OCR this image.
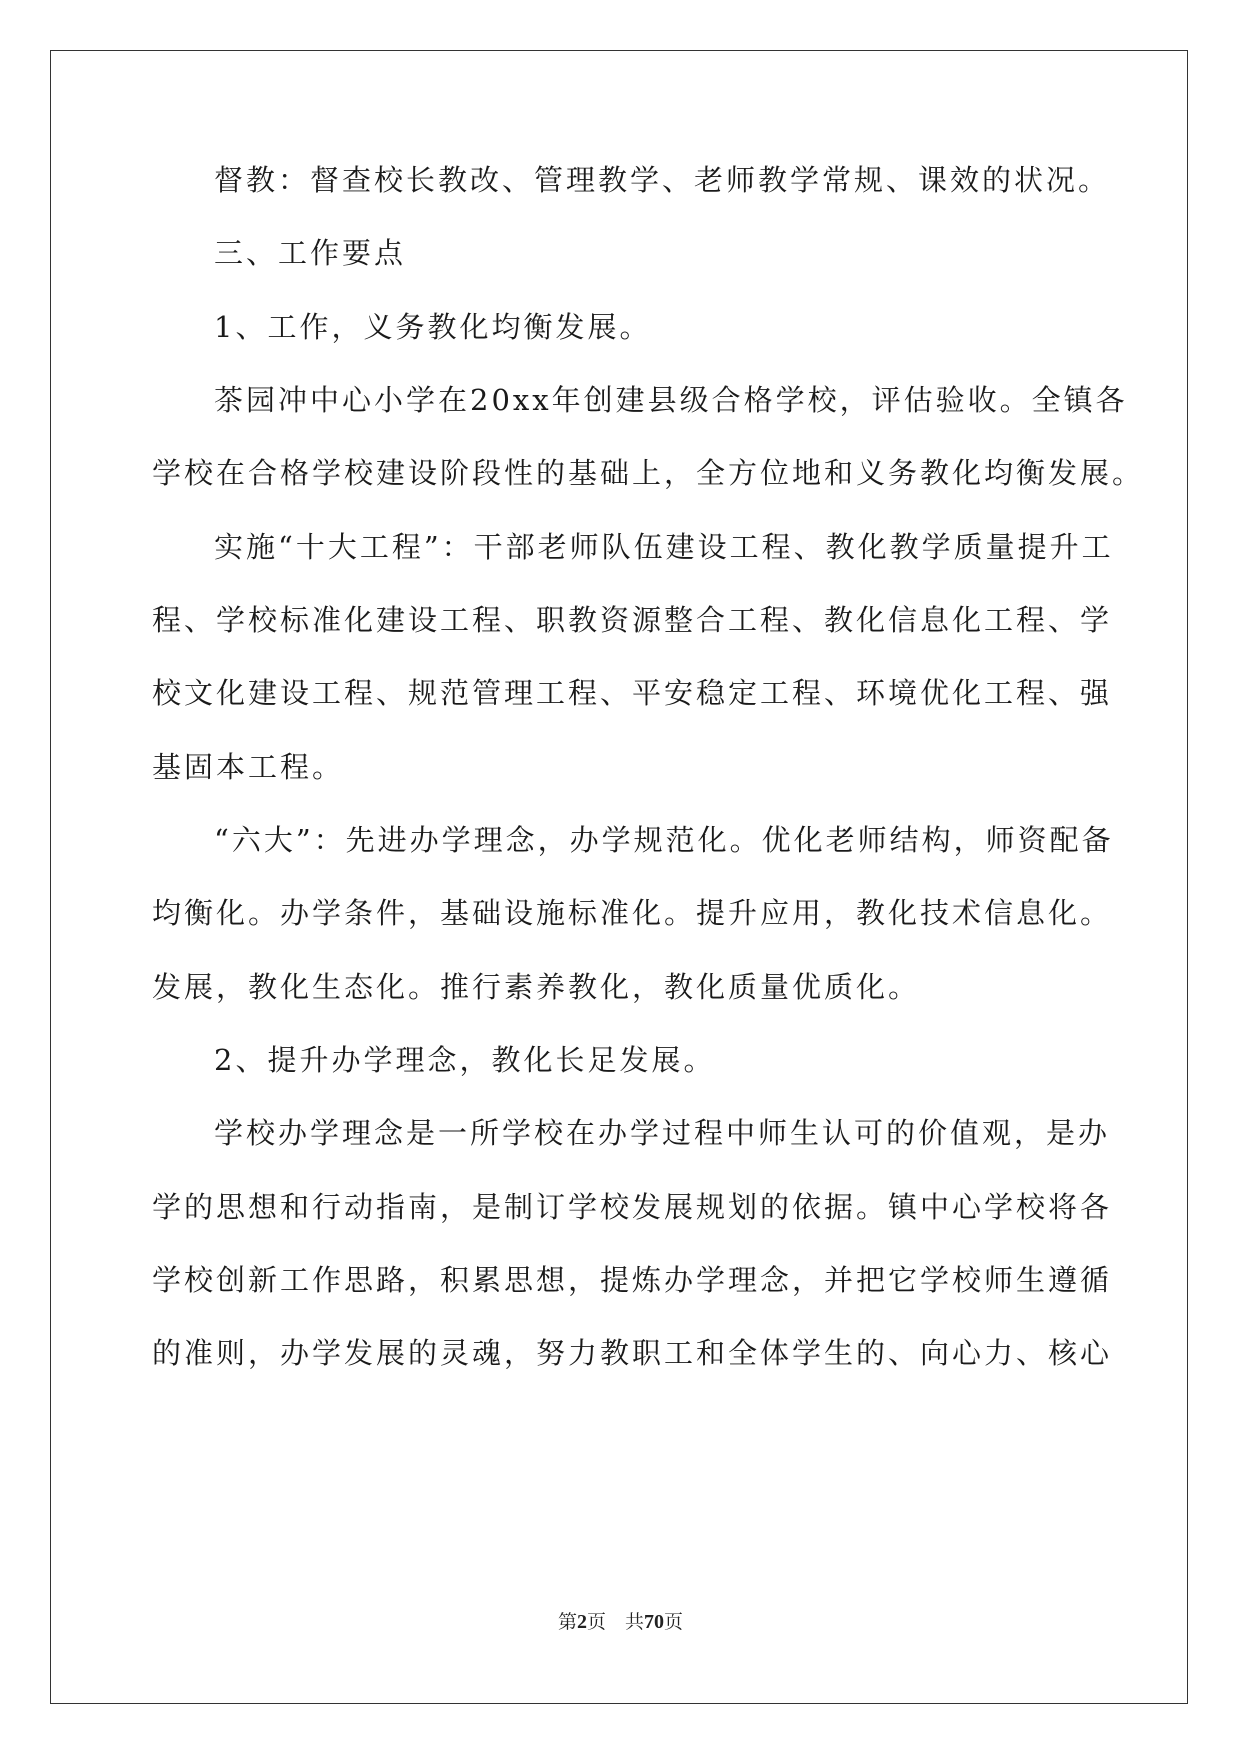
督教：督查校长教改、管理教学、老师教学常规、课效的状况。
三、工作要点
1、工作，义务教化均衡发展。
茶园冲中心小学在20xx年创建县级合格学校，评估验收。全镇各
学校在合格学校建设阶段性的基础上，全方位地和义务教化均衡发展。
实施“十大工程”：干部老师队伍建设工程、教化教学质量提升工
程、学校标准化建设工程、职教资源整合工程、教化信息化工程、学
校文化建设工程、规范管理工程、平安稳定工程、环境优化工程、强
基固本工程。
“六大”：先进办学理念，办学规范化。优化老师结构，师资配备
均衡化。办学条件，基础设施标准化。提升应用，教化技术信息化。
发展，教化生态化。推行素养教化，教化质量优质化。
2、提升办学理念，教化长足发展。
学校办学理念是一所学校在办学过程中师生认可的价值观，是办
学的思想和行动指南，是制订学校发展规划的依据。镇中心学校将各
学校创新工作思路，积累思想，提炼办学理念，并把它学校师生遵循
的准则，办学发展的灵魂，努力教职工和全体学生的、向心力、核心
第2页　共70页
